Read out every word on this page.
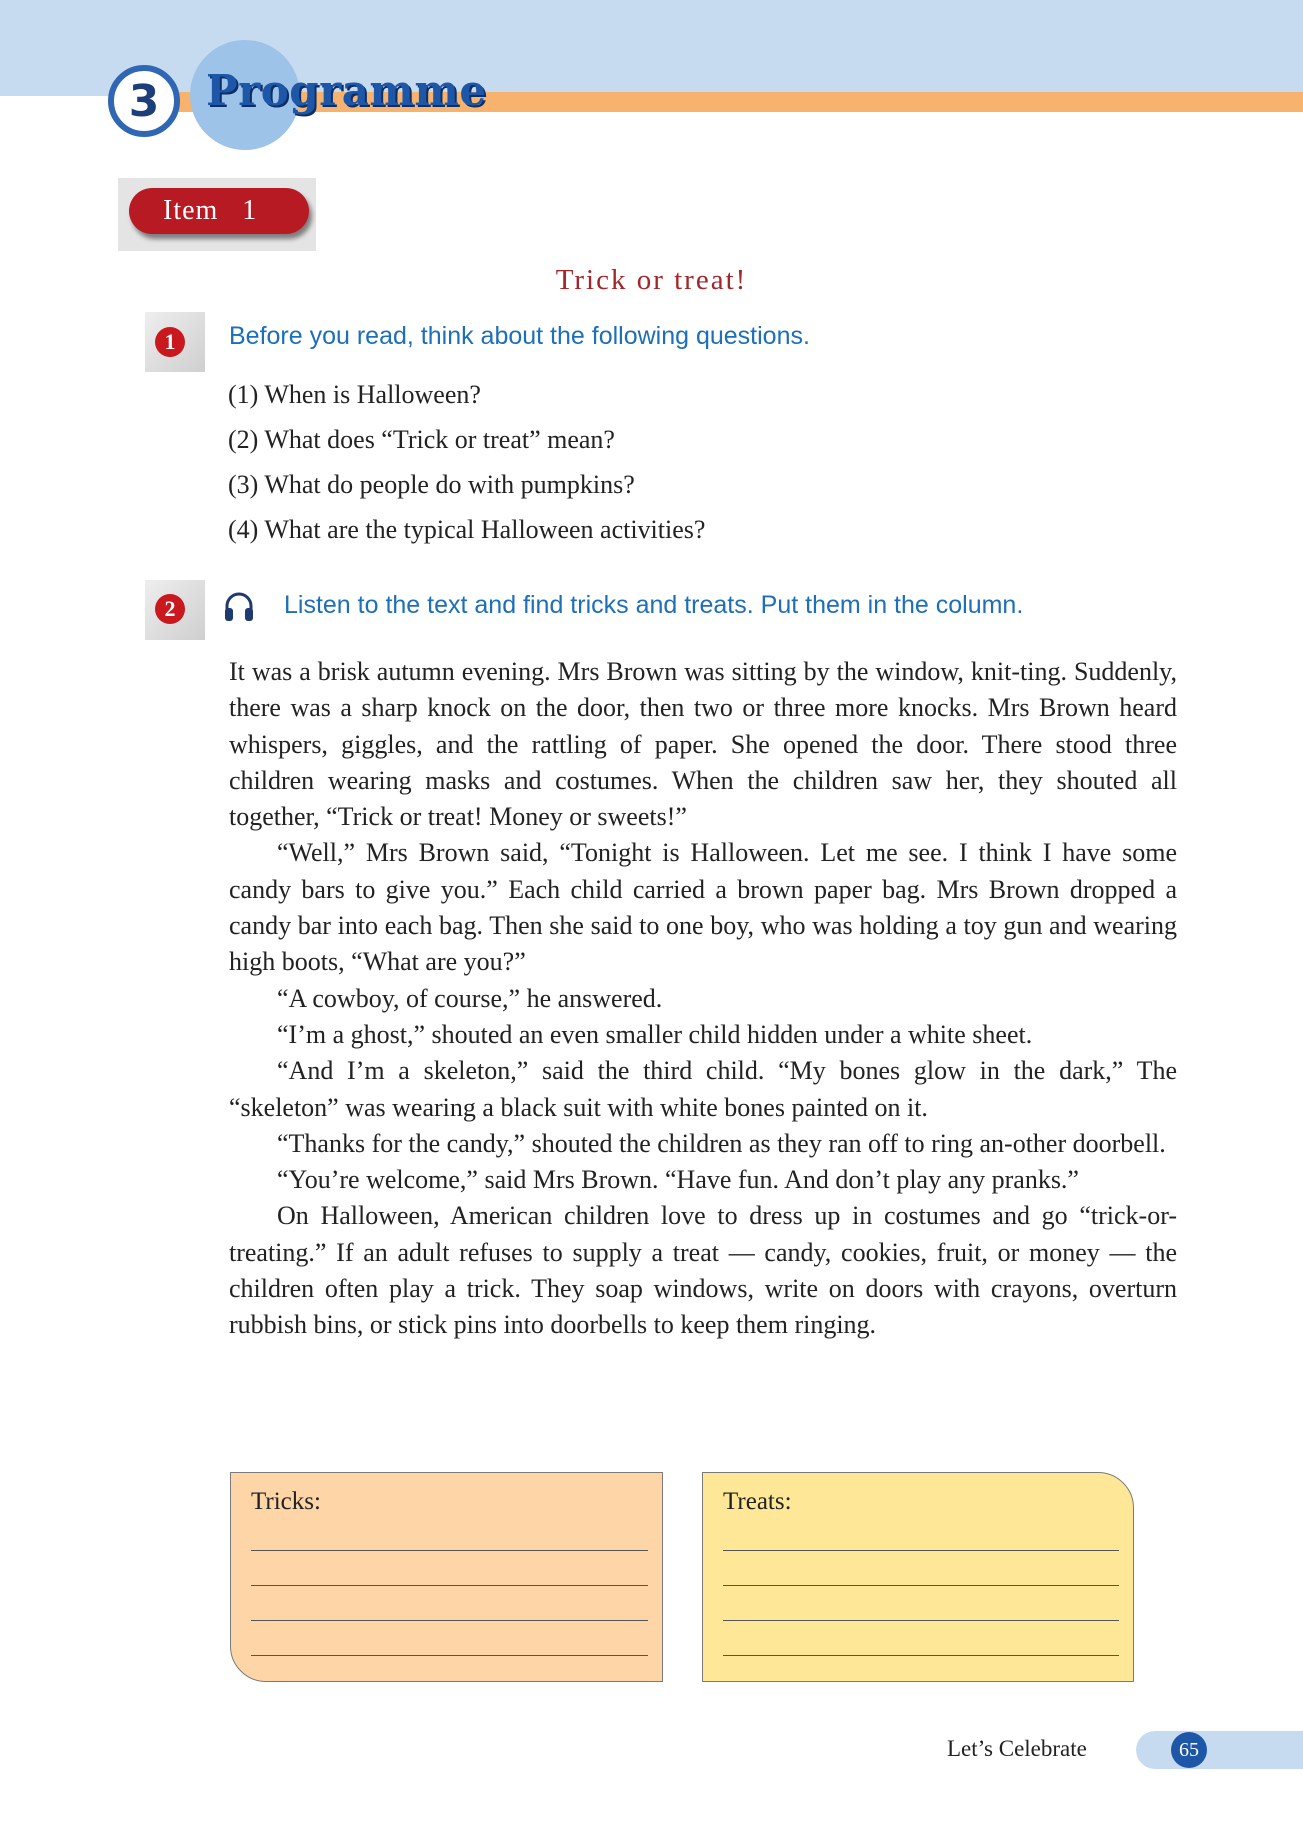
3	Programme
Item   1
Trick or treat!
1	Before you read, think about the following questions.
(1) When is Halloween?
(2) What does “Trick or treat” mean?
(3) What do people do with pumpkins?
(4) What are the typical Halloween activities?
2	Listen to the text and find tricks and treats. Put them in the column.

It was a brisk autumn evening. Mrs Brown was sitting by the window, knit-ting. Suddenly, there was a sharp knock on the door, then two or three more knocks. Mrs Brown heard whispers, giggles, and the rattling of paper. She opened the door. There stood three children wearing masks and costumes. When the children saw her, they shouted all together, “Trick or treat! Money or sweets!”

“Well,” Mrs Brown said, “Tonight is Halloween. Let me see. I think I have some candy bars to give you.” Each child carried a brown paper bag. Mrs Brown dropped a candy bar into each bag. Then she said to one boy, who was holding a toy gun and wearing high boots, “What are you?”

“A cowboy, of course,” he answered.

“I’m a ghost,” shouted an even smaller child hidden under a white sheet.

“And I’m a skeleton,” said the third child. “My bones glow in the dark,” The “skeleton” was wearing a black suit with white bones painted on it.

“Thanks for the candy,” shouted the children as they ran off to ring an-other doorbell.

“You’re welcome,” said Mrs Brown. “Have fun. And don’t play any pranks.”

On Halloween, American children love to dress up in costumes and go “trick-or-treating.” If an adult refuses to supply a treat — candy, cookies, fruit, or money — the children often play a trick. They soap windows, write on doors with crayons, overturn rubbish bins, or stick pins into doorbells to keep them ringing.

Tricks:	Treats:
Let’s Celebrate	65
